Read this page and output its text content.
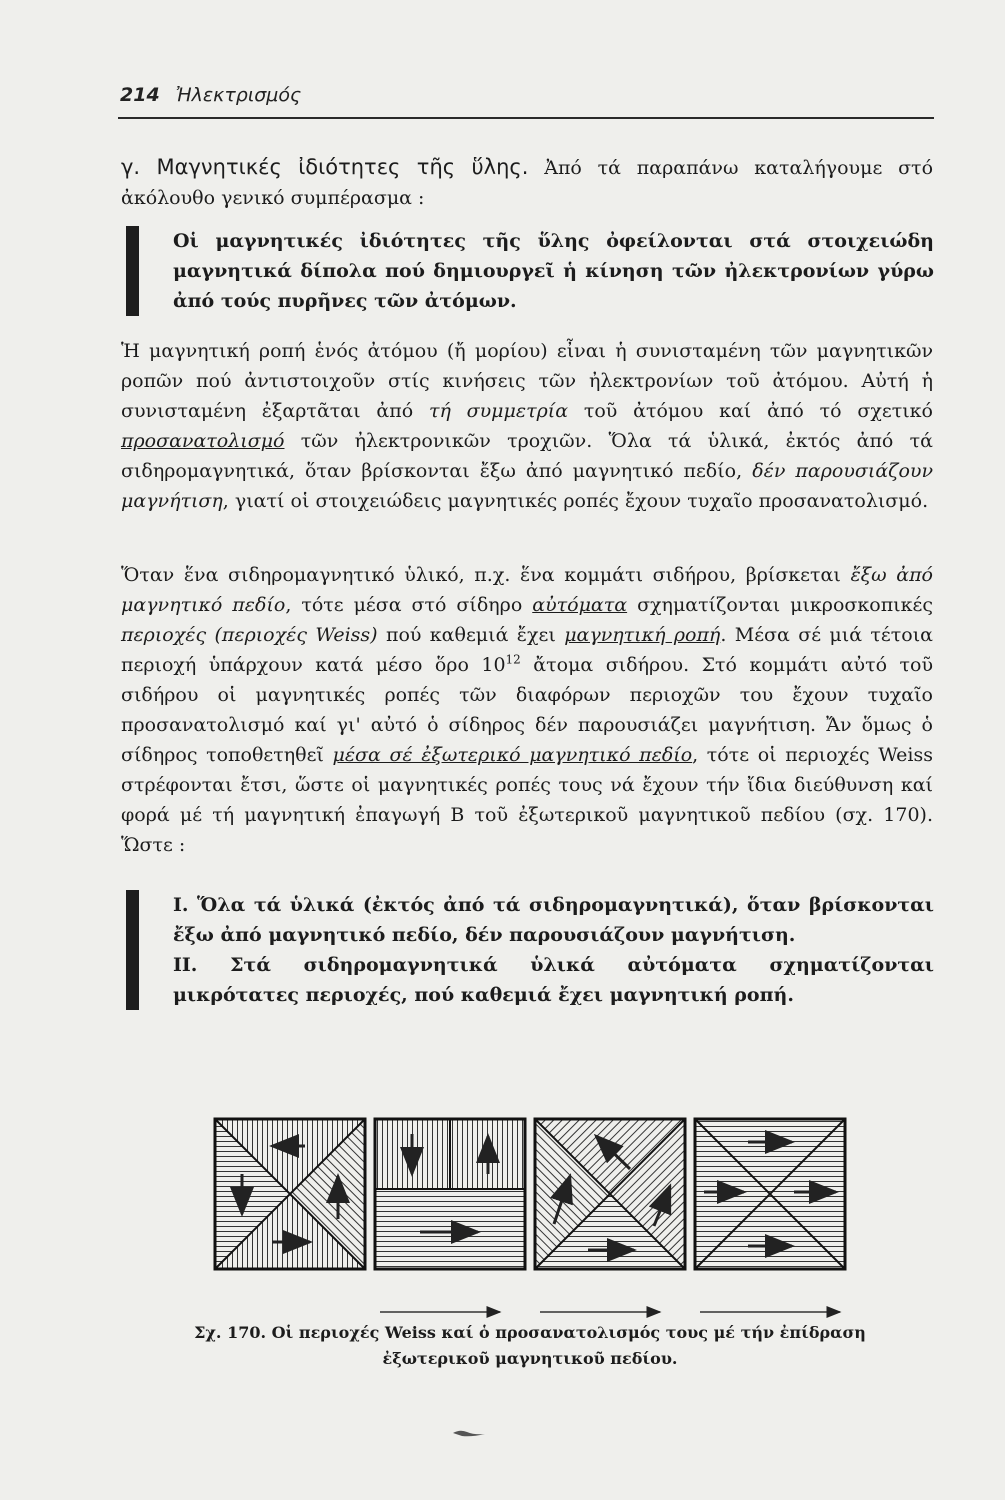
214 Ἠλεκτρισμός
γ. Μαγνητικές ἰδιότητες τῆς ὕλης. Ἀπό τά παραπάνω καταλήγουμε στό ἀκόλουθο γενικό συμπέρασμα :
Οἱ μαγνητικές ἰδιότητες τῆς ὕλης ὀφείλονται στά στοιχειώδη μαγνητικά δίπολα πού δημιουργεῖ ἡ κίνηση τῶν ἠλεκτρονίων γύρω ἀπό τούς πυρῆνες τῶν ἀτόμων.

Ἡ μαγνητική ροπή ἑνός ἀτόμου (ἤ μορίου) εἶναι ἡ συνισταμένη τῶν μαγνητικῶν ροπῶν πού ἀντιστοιχοῦν στίς κινήσεις τῶν ἠλεκτρονίων τοῦ ἀτόμου. Αὐτή ἡ συνισταμένη ἐξαρτᾶται ἀπό τή συμμετρία τοῦ ἀτόμου καί ἀπό τό σχετικό προσανατολισμό τῶν ἠλεκτρονικῶν τροχιῶν. Ὅλα τά ὑλικά, ἐκτός ἀπό τά σιδηρομαγνητικά, ὅταν βρίσκονται ἔξω ἀπό μαγνητικό πεδίο, δέν παρουσιάζουν μαγνήτιση, γιατί οἱ στοιχειώδεις μαγνητικές ροπές ἔχουν τυχαῖο προσανατολισμό.

Ὅταν ἕνα σιδηρομαγνητικό ὑλικό, π.χ. ἕνα κομμάτι σιδήρου, βρίσκεται ἔξω ἀπό μαγνητικό πεδίο, τότε μέσα στό σίδηρο αὐτόματα σχηματίζονται μικροσκοπικές περιοχές (περιοχές Weiss) πού καθεμιά ἔχει μαγνητική ροπή. Μέσα σέ μιά τέτοια περιοχή ὑπάρχουν κατά μέσο ὅρο $10^{12}$ ἄτομα σιδήρου. Στό κομμάτι αὐτό τοῦ σιδήρου οἱ μαγνητικές ροπές τῶν διαφόρων περιοχῶν του ἔχουν τυχαῖο προσανατολισμό καί γι' αὐτό ὁ σίδηρος δέν παρουσιάζει μαγνήτιση. Ἄν ὅμως ὁ σίδηρος τοποθετηθεῖ μέσα σέ ἐξωτερικό μαγνητικό πεδίο, τότε οἱ περιοχές Weiss στρέφονται ἔτσι, ὥστε οἱ μαγνητικές ροπές τους νά ἔχουν τήν ἴδια διεύθυνση καί φορά μέ τή μαγνητική ἐπαγωγή B τοῦ ἐξωτερικοῦ μαγνητικοῦ πεδίου (σχ. 170). Ὥστε :

Ι. Ὅλα τά ὑλικά (ἐκτός ἀπό τά σιδηρομαγνητικά), ὅταν βρίσκονται ἔξω ἀπό μαγνητικό πεδίο, δέν παρουσιάζουν μαγνήτιση.

ΙΙ. Στά σιδηρομαγνητικά ὑλικά αὐτόματα σχηματίζονται μικρότατες περιοχές, πού καθεμιά ἔχει μαγνητική ροπή.

Σχ. 170. Οἱ περιοχές Weiss καί ὁ προσανατολισμός τους μέ τήν ἐπίδραση
ἐξωτερικοῦ μαγνητικοῦ πεδίου.
